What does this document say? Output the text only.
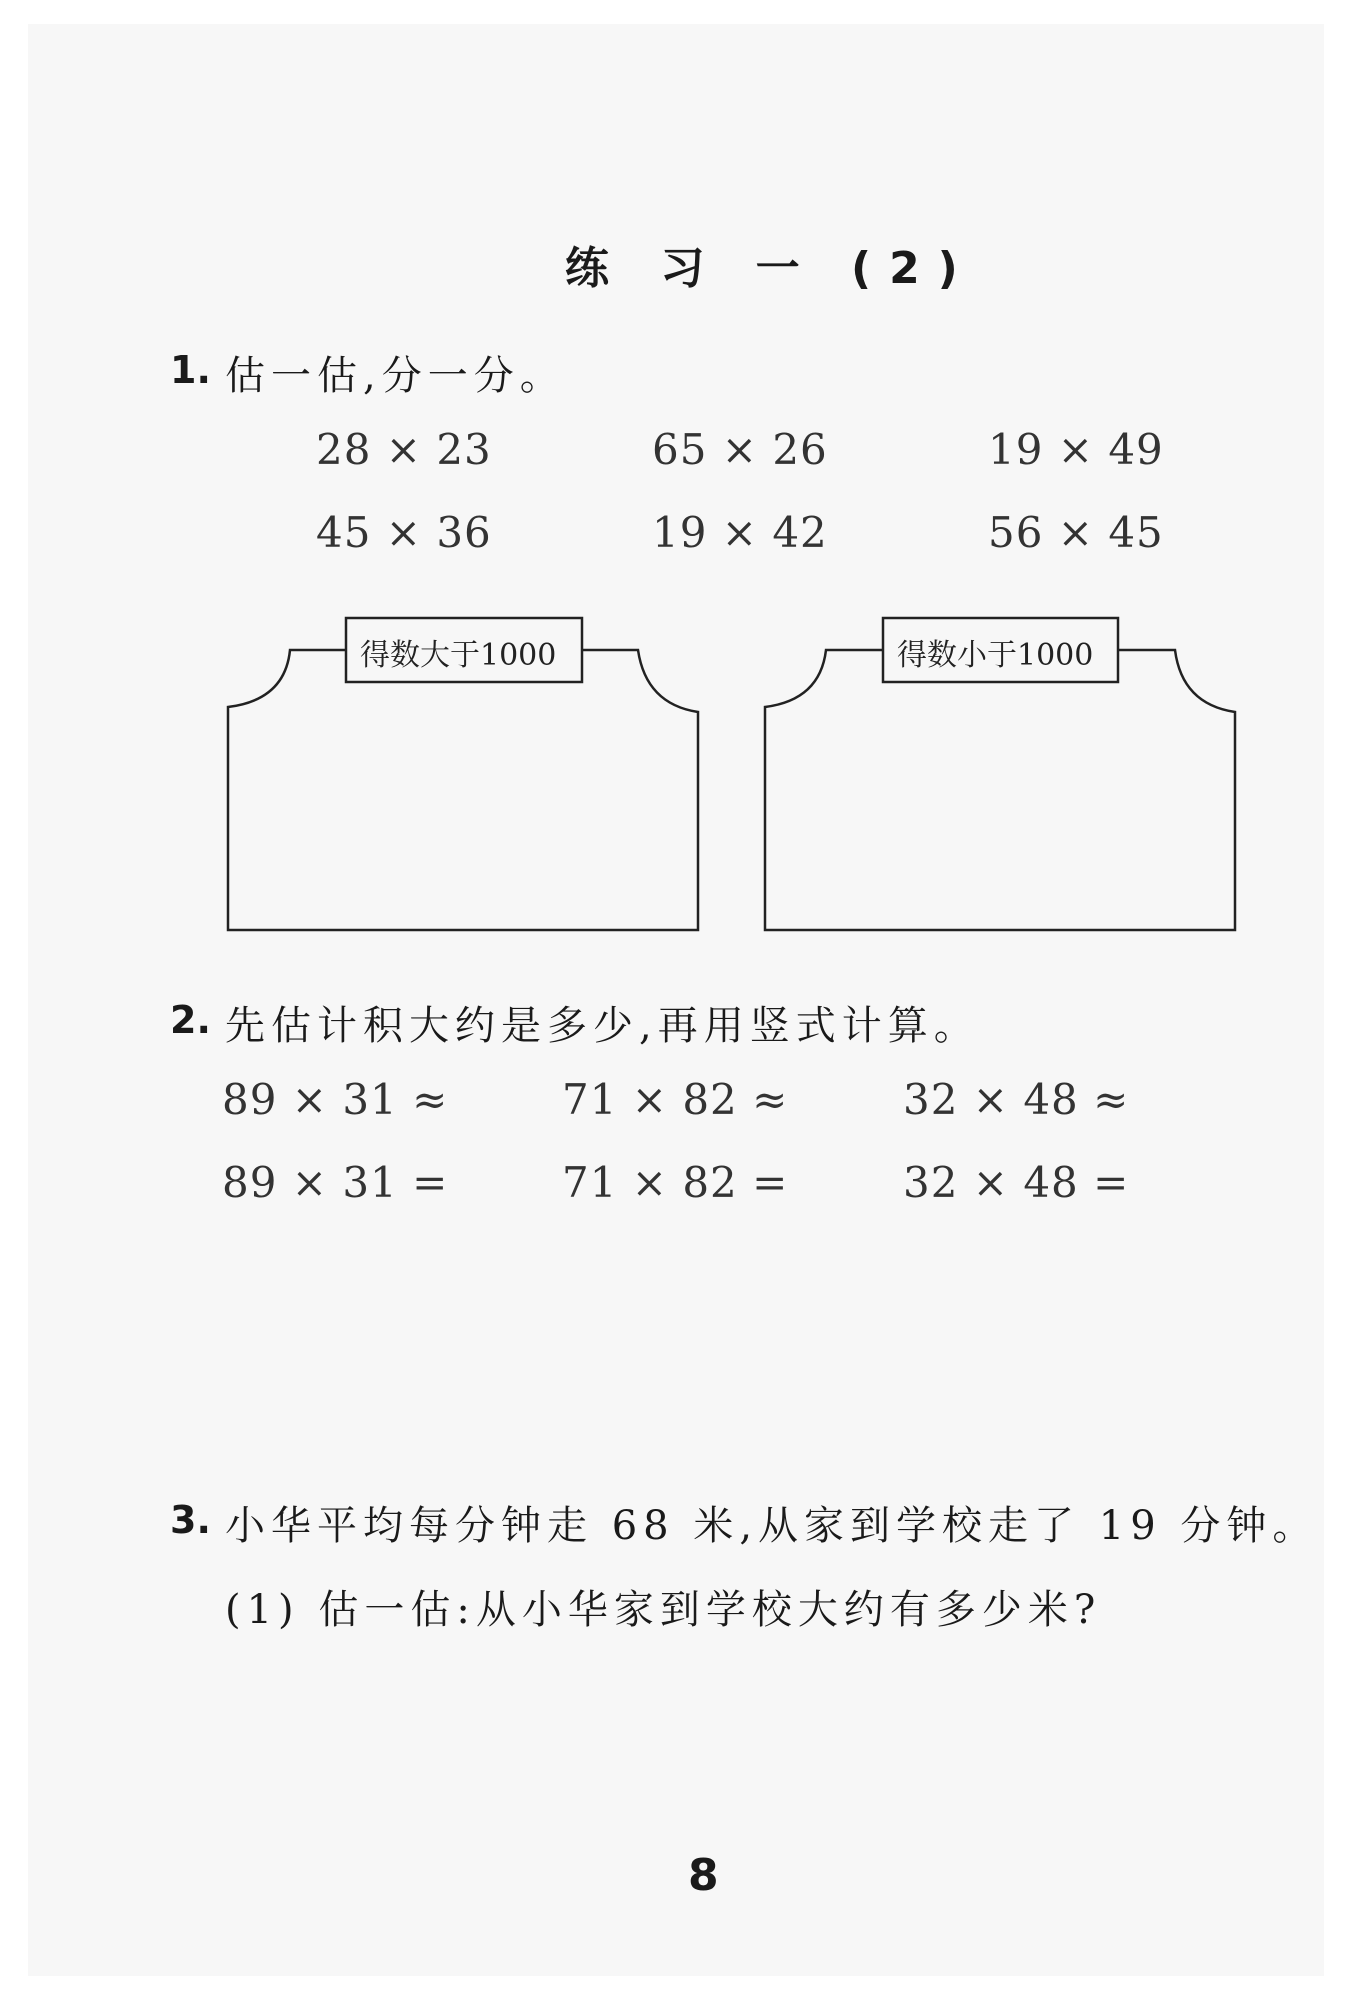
练 习 一 (2)
1. 估一估,分一分。
28 × 23	65 × 26	19 × 49
45 × 36	19 × 42	56 × 45
得数大于1000	得数小于1000
2. 先估计积大约是多少,再用竖式计算。
89 × 31 ≈	71 × 82 ≈	32 × 48 ≈
89 × 31 =	71 × 82 =	32 × 48 =
3. 小华平均每分钟走 68 米,从家到学校走了 19 分钟。
(1) 估一估:从小华家到学校大约有多少米?
8
